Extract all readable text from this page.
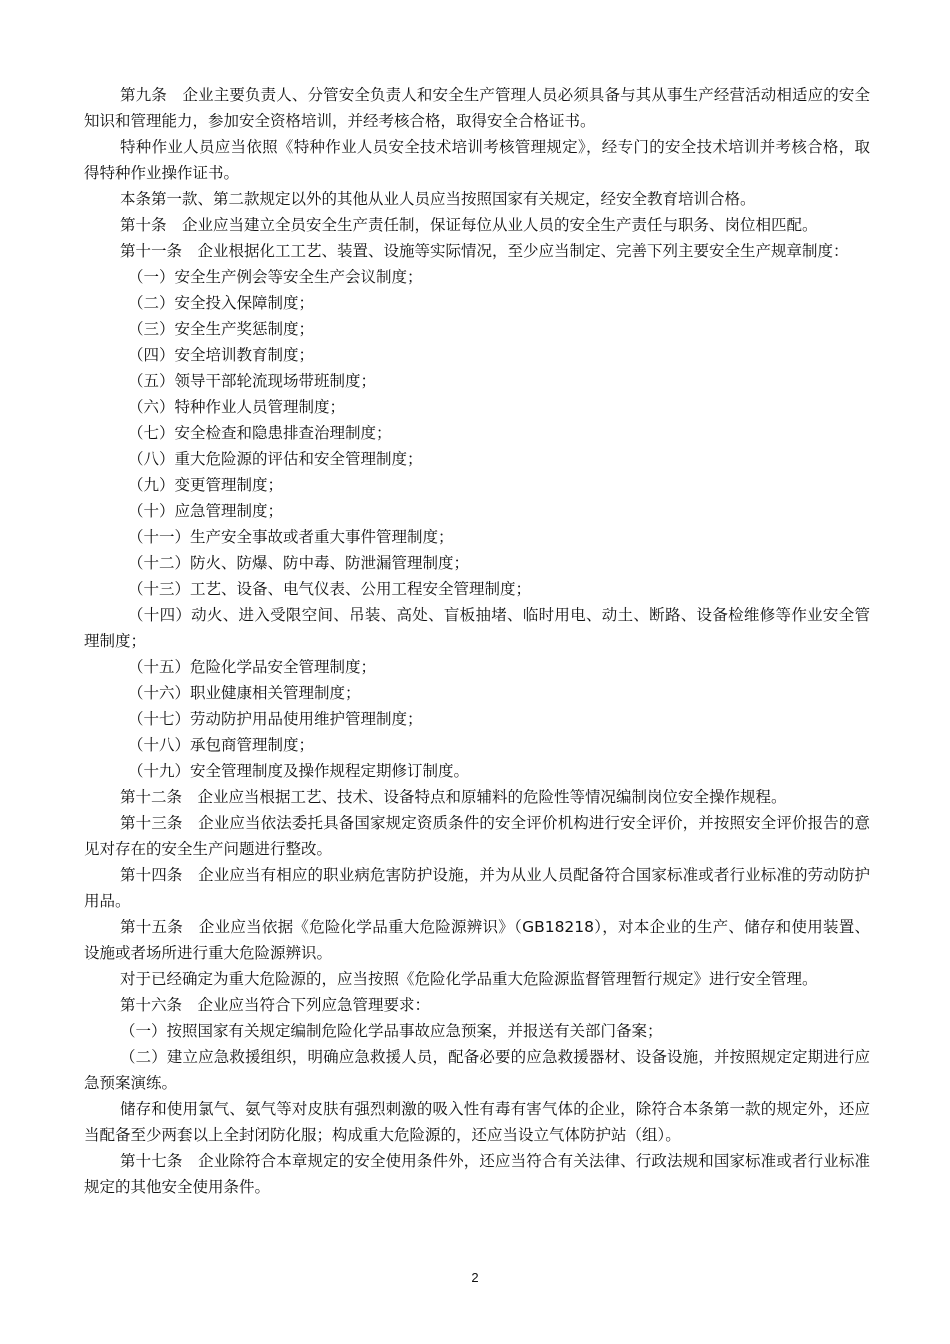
第九条　企业主要负责人、分管安全负责人和安全生产管理人员必须具备与其从事生产经营活动相适应的安全知识和管理能力，参加安全资格培训，并经考核合格，取得安全合格证书。

特种作业人员应当依照《特种作业人员安全技术培训考核管理规定》，经专门的安全技术培训并考核合格，取得特种作业操作证书。

本条第一款、第二款规定以外的其他从业人员应当按照国家有关规定，经安全教育培训合格。

第十条　企业应当建立全员安全生产责任制，保证每位从业人员的安全生产责任与职务、岗位相匹配。

第十一条　企业根据化工工艺、装置、设施等实际情况，至少应当制定、完善下列主要安全生产规章制度：

（一）安全生产例会等安全生产会议制度；

（二）安全投入保障制度；

（三）安全生产奖惩制度；

（四）安全培训教育制度；

（五）领导干部轮流现场带班制度；

（六）特种作业人员管理制度；

（七）安全检查和隐患排查治理制度；

（八）重大危险源的评估和安全管理制度；

（九）变更管理制度；

（十）应急管理制度；

（十一）生产安全事故或者重大事件管理制度；

（十二）防火、防爆、防中毒、防泄漏管理制度；

（十三）工艺、设备、电气仪表、公用工程安全管理制度；

（十四）动火、进入受限空间、吊装、高处、盲板抽堵、临时用电、动土、断路、设备检维修等作业安全管理制度；

（十五）危险化学品安全管理制度；

（十六）职业健康相关管理制度；

（十七）劳动防护用品使用维护管理制度；

（十八）承包商管理制度；

（十九）安全管理制度及操作规程定期修订制度。

第十二条　企业应当根据工艺、技术、设备特点和原辅料的危险性等情况编制岗位安全操作规程。

第十三条　企业应当依法委托具备国家规定资质条件的安全评价机构进行安全评价，并按照安全评价报告的意见对存在的安全生产问题进行整改。

第十四条　企业应当有相应的职业病危害防护设施，并为从业人员配备符合国家标准或者行业标准的劳动防护用品。

第十五条　企业应当依据《危险化学品重大危险源辨识》（GB18218），对本企业的生产、储存和使用装置、设施或者场所进行重大危险源辨识。

对于已经确定为重大危险源的，应当按照《危险化学品重大危险源监督管理暂行规定》进行安全管理。

第十六条　企业应当符合下列应急管理要求：

（一）按照国家有关规定编制危险化学品事故应急预案，并报送有关部门备案；

（二）建立应急救援组织，明确应急救援人员，配备必要的应急救援器材、设备设施，并按照规定定期进行应急预案演练。

储存和使用氯气、氨气等对皮肤有强烈刺激的吸入性有毒有害气体的企业，除符合本条第一款的规定外，还应当配备至少两套以上全封闭防化服；构成重大危险源的，还应当设立气体防护站（组）。

第十七条　企业除符合本章规定的安全使用条件外，还应当符合有关法律、行政法规和国家标准或者行业标准规定的其他安全使用条件。

2
